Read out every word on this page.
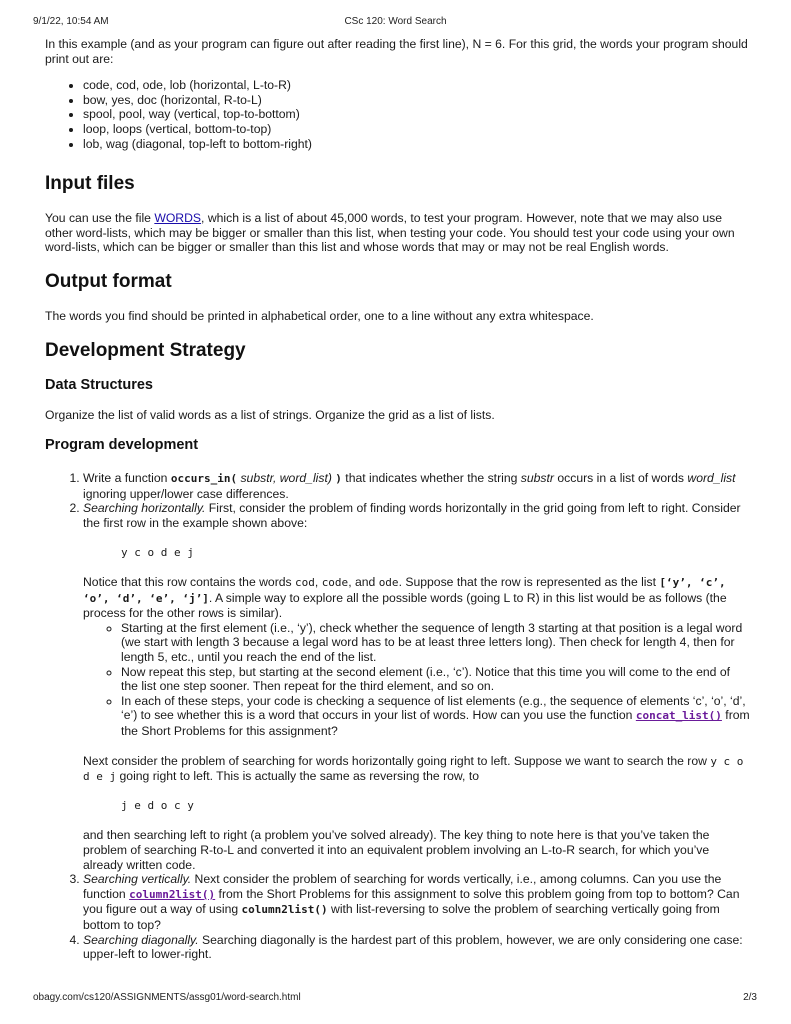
9/1/22, 10:54 AM	CSc 120: Word Search

In this example (and as your program can figure out after reading the first line), N = 6. For this grid, the words your program should print out are:

• code, cod, ode, lob (horizontal, L-to-R)
• bow, yes, doc (horizontal, R-to-L)
• spool, pool, way (vertical, top-to-bottom)
• loop, loops (vertical, bottom-to-top)
• lob, wag (diagonal, top-left to bottom-right)
Input files

You can use the file WORDS, which is a list of about 45,000 words, to test your program. However, note that we may also use other word-lists, which may be bigger or smaller than this list, when testing your code. You should test your code using your own word-lists, which can be bigger or smaller than this list and whose words that may or may not be real English words.

Output format

The words you find should be printed in alphabetical order, one to a line without any extra whitespace.

Development Strategy
Data Structures

Organize the list of valid words as a list of strings. Organize the grid as a list of lists.

Program development
1. Write a function occurs_in( substr, word_list) ) that indicates whether the string substr occurs in a list of words word_list ignoring upper/lower case differences.
2. Searching horizontally. First, consider the problem of finding words horizontally in the grid going from left to right. Consider the first row in the example shown above:
y c o d e j

Notice that this row contains the words cod, code, and ode. Suppose that the row is represented as the list [‘y’, ‘c’, ‘o’, ‘d’, ‘e’, ‘j’]. A simple way to explore all the possible words (going L to R) in this list would be as follows (the process for the other rows is similar).

◦ Starting at the first element (i.e., ‘y’), check whether the sequence of length 3 starting at that position is a legal word (we start with length 3 because a legal word has to be at least three letters long). Then check for length 4, then for length 5, etc., until you reach the end of the list.
◦ Now repeat this step, but starting at the second element (i.e., ‘c’). Notice that this time you will come to the end of the list one step sooner. Then repeat for the third element, and so on.
◦ In each of these steps, your code is checking a sequence of list elements (e.g., the sequence of elements ‘c’, ‘o’, ‘d’, ‘e’) to see whether this is a word that occurs in your list of words. How can you use the function concat_list() from the Short Problems for this assignment?

Next consider the problem of searching for words horizontally going right to left. Suppose we want to search the row y c o d e j going right to left. This is actually the same as reversing the row, to

j e d o c y

and then searching left to right (a problem you’ve solved already). The key thing to note here is that you’ve taken the problem of searching R-to-L and converted it into an equivalent problem involving an L-to-R search, for which you’ve already written code.

3. Searching vertically. Next consider the problem of searching for words vertically, i.e., among columns. Can you use the function column2list() from the Short Problems for this assignment to solve this problem going from top to bottom? Can you figure out a way of using column2list() with list-reversing to solve the problem of searching vertically going from bottom to top?
4. Searching diagonally. Searching diagonally is the hardest part of this problem, however, we are only considering one case: upper-left to lower-right.
obagy.com/cs120/ASSIGNMENTS/assg01/word-search.html	2/3
